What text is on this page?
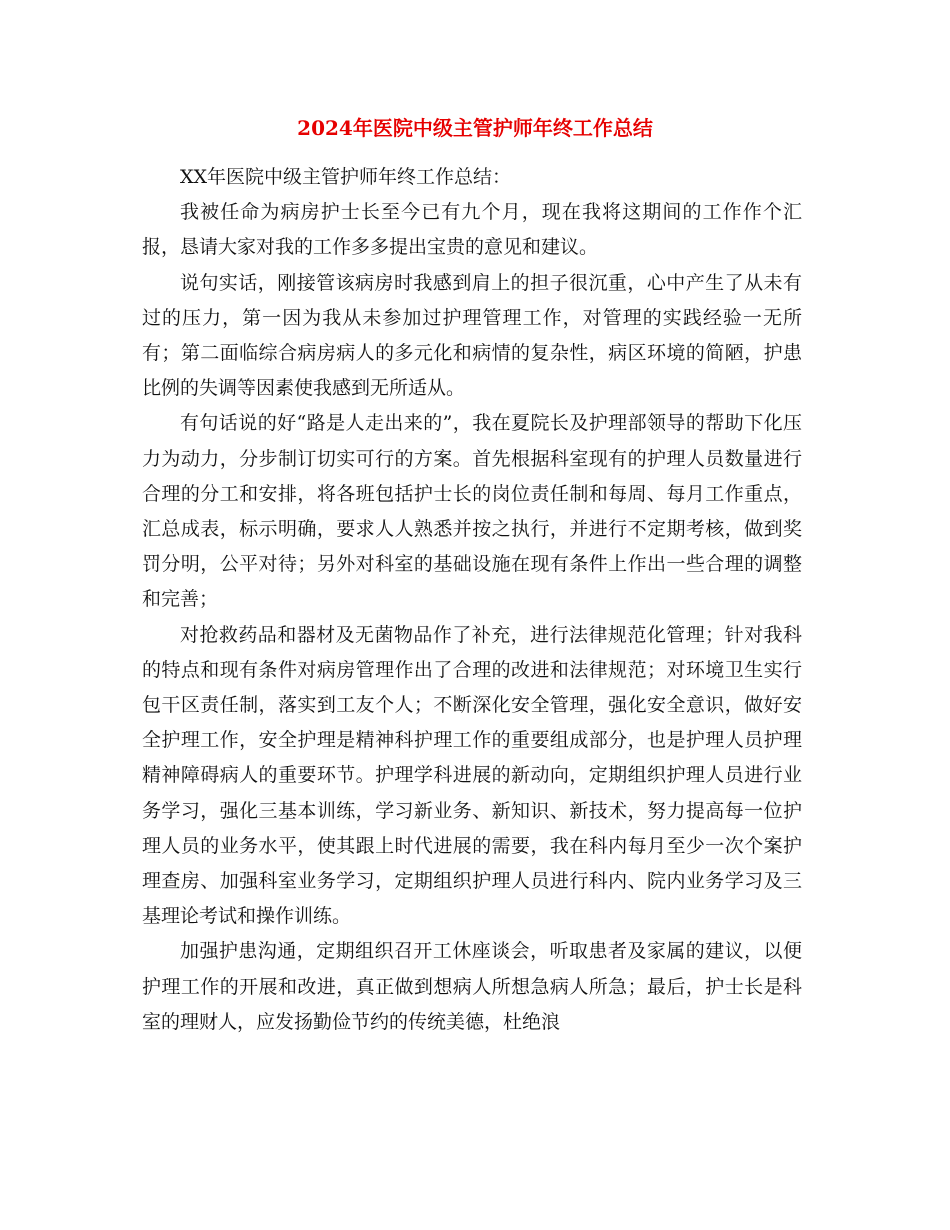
2024年医院中级主管护师年终工作总结

XX年医院中级主管护师年终工作总结：

我被任命为病房护士长至今已有九个月，现在我将这期间的工作作个汇报，恳请大家对我的工作多多提出宝贵的意见和建议。

说句实话，刚接管该病房时我感到肩上的担子很沉重，心中产生了从未有过的压力，第一因为我从未参加过护理管理工作，对管理的实践经验一无所有；第二面临综合病房病人的多元化和病情的复杂性，病区环境的简陋，护患比例的失调等因素使我感到无所适从。

有句话说的好“路是人走出来的”，我在夏院长及护理部领导的帮助下化压力为动力，分步制订切实可行的方案。首先根据科室现有的护理人员数量进行合理的分工和安排，将各班包括护士长的岗位责任制和每周、每月工作重点，汇总成表，标示明确，要求人人熟悉并按之执行，并进行不定期考核，做到奖罚分明，公平对待；另外对科室的基础设施在现有条件上作出一些合理的调整和完善；

对抢救药品和器材及无菌物品作了补充，进行法律规范化管理；针对我科的特点和现有条件对病房管理作出了合理的改进和法律规范；对环境卫生实行包干区责任制，落实到工友个人；不断深化安全管理，强化安全意识，做好安全护理工作，安全护理是精神科护理工作的重要组成部分，也是护理人员护理精神障碍病人的重要环节。护理学科进展的新动向，定期组织护理人员进行业务学习，强化三基本训练，学习新业务、新知识、新技术，努力提高每一位护理人员的业务水平，使其跟上时代进展的需要，我在科内每月至少一次个案护理查房、加强科室业务学习，定期组织护理人员进行科内、院内业务学习及三基理论考试和操作训练。

加强护患沟通，定期组织召开工休座谈会，听取患者及家属的建议，以便护理工作的开展和改进，真正做到想病人所想急病人所急；最后，护士长是科室的理财人，应发扬勤俭节约的传统美德，杜绝浪
